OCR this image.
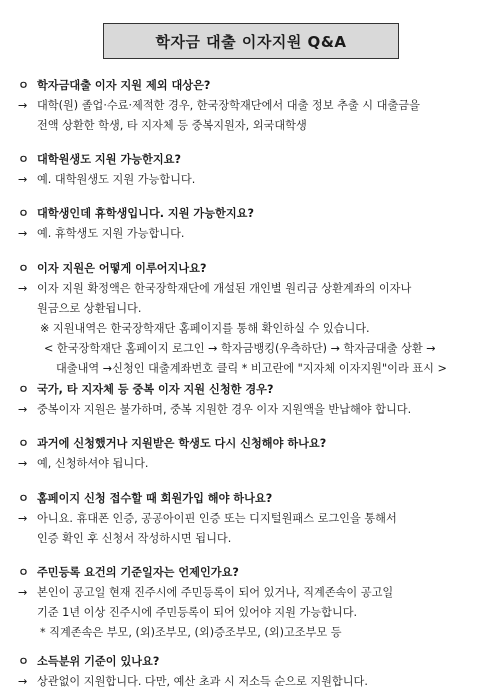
학자금 대출 이자지원 Q&A
ㅇ 학자금대출 이자 지원 제외 대상은?
→ 대학(원) 졸업·수료·제적한 경우, 한국장학재단에서 대출 정보 추출 시 대출금을
전액 상환한 학생, 타 지자체 등 중복지원자, 외국대학생
ㅇ 대학원생도 지원 가능한지요?
→ 예. 대학원생도 지원 가능합니다.
ㅇ 대학생인데 휴학생입니다. 지원 가능한지요?
→ 예. 휴학생도 지원 가능합니다.
ㅇ 이자 지원은 어떻게 이루어지나요?
→ 이자 지원 확정액은 한국장학재단에 개설된 개인별 원리금 상환계좌의 이자나
원금으로 상환됩니다.
※ 지원내역은 한국장학재단 홈페이지를 통해 확인하실 수 있습니다.
< 한국장학재단 홈페이지 로그인 → 학자금뱅킹(우측하단) → 학자금대출 상환 →
대출내역 →신청인 대출계좌번호 클릭 * 비고란에 "지자체 이자지원"이라 표시 >
ㅇ 국가, 타 지자체 등 중복 이자 지원 신청한 경우?
→ 중복이자 지원은 불가하며, 중복 지원한 경우 이자 지원액을 반납해야 합니다.
ㅇ 과거에 신청했거나 지원받은 학생도 다시 신청해야 하나요?
→ 예, 신청하셔야 됩니다.
ㅇ 홈페이지 신청 접수할 때 회원가입 해야 하나요?
→ 아니요. 휴대폰 인증, 공공아이핀 인증 또는 디지털원패스 로그인을 통해서
인증 확인 후 신청서 작성하시면 됩니다.
ㅇ 주민등록 요건의 기준일자는 언제인가요?
→ 본인이 공고일 현재 진주시에 주민등록이 되어 있거나, 직계존속이 공고일
기준 1년 이상 진주시에 주민등록이 되어 있어야 지원 가능합니다.
* 직계존속은 부모, (외)조부모, (외)증조부모, (외)고조부모 등
ㅇ 소득분위 기준이 있나요?
→ 상관없이 지원합니다. 다만, 예산 초과 시 저소득 순으로 지원합니다.
